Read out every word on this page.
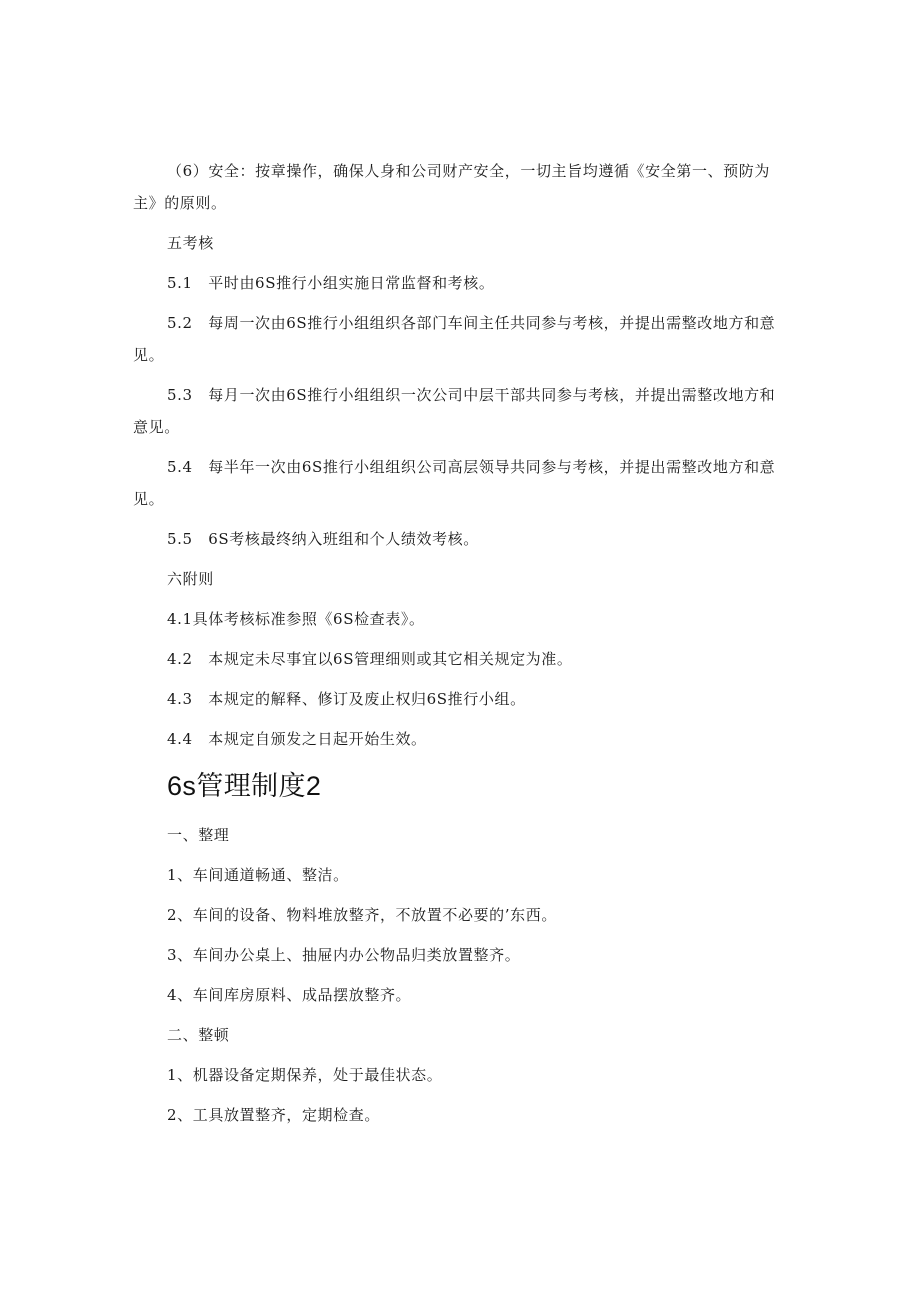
（6）安全：按章操作，确保人身和公司财产安全，一切主旨均遵循《安全第一、预防为主》的原则。

五考核

5.1　平时由6S推行小组实施日常监督和考核。

5.2　每周一次由6S推行小组组织各部门车间主任共同参与考核，并提出需整改地方和意见。

5.3　每月一次由6S推行小组组织一次公司中层干部共同参与考核，并提出需整改地方和意见。

5.4　每半年一次由6S推行小组组织公司高层领导共同参与考核，并提出需整改地方和意见。

5.5　6S考核最终纳入班组和个人绩效考核。

六附则

4.1具体考核标准参照《6S检查表》。

4.2　本规定未尽事宜以6S管理细则或其它相关规定为准。

4.3　本规定的解释、修订及废止权归6S推行小组。

4.4　本规定自颁发之日起开始生效。

6s管理制度2

一、整理

1、车间通道畅通、整洁。

2、车间的设备、物料堆放整齐，不放置不必要的’东西。

3、车间办公桌上、抽屉内办公物品归类放置整齐。

4、车间库房原料、成品摆放整齐。

二、整顿

1、机器设备定期保养，处于最佳状态。

2、工具放置整齐，定期检查。
